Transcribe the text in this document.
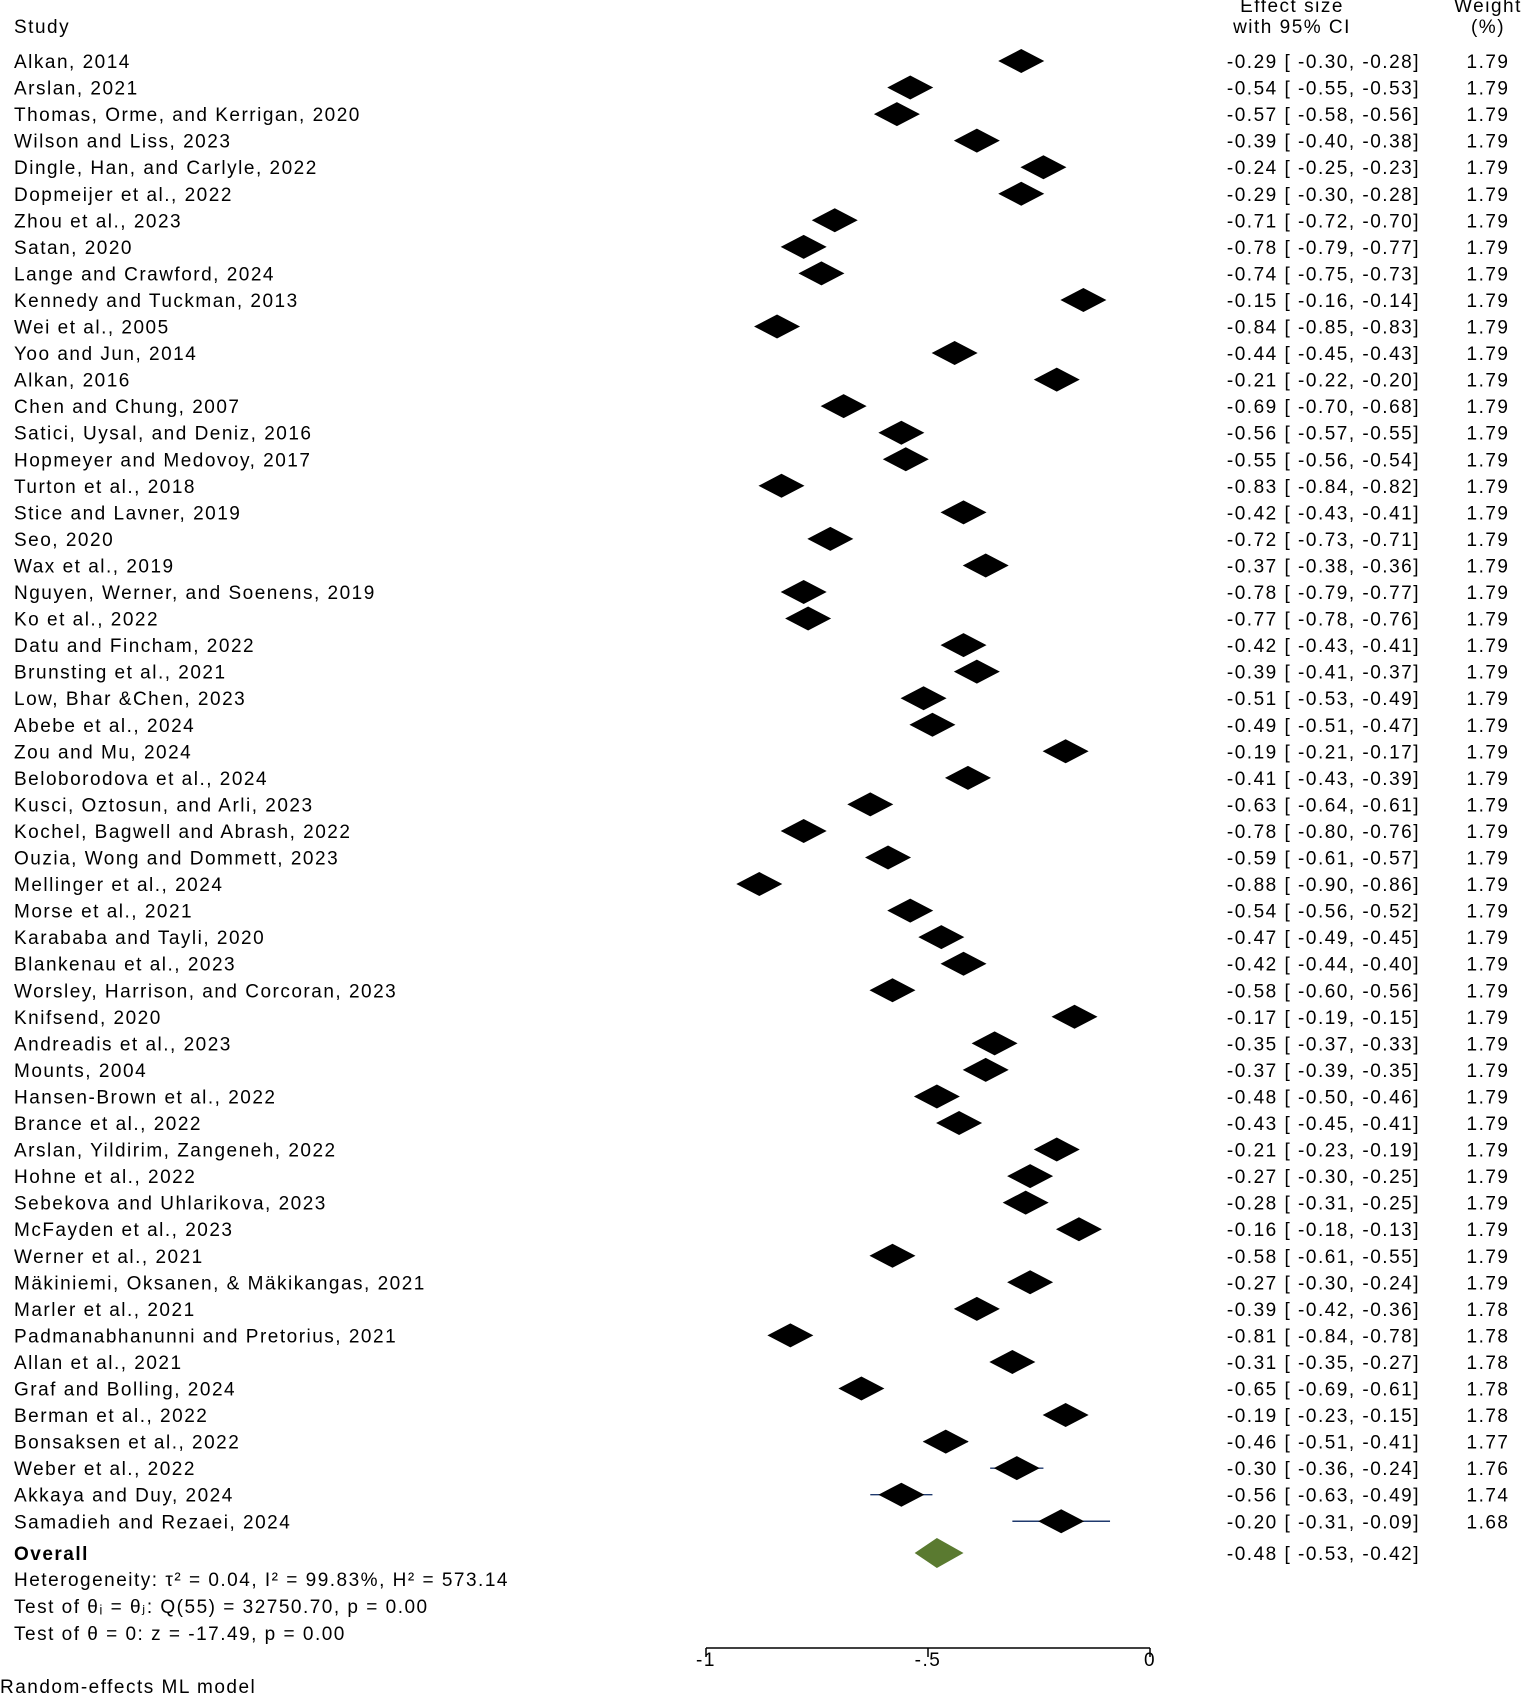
Study
Effect size
with 95% CI
Weight
(%)
Alkan, 2014	-0.29 [ -0.30, -0.28] 1.79
Arslan, 2021	-0.54 [ -0.55, -0.53] 1.79
Thomas, Orme, and Kerrigan, 2020	-0.57 [ -0.58, -0.56] 1.79
Wilson and Liss, 2023	-0.39 [ -0.40, -0.38] 1.79
Dingle, Han, and Carlyle, 2022	-0.24 [ -0.25, -0.23] 1.79
Dopmeijer et al., 2022	-0.29 [ -0.30, -0.28] 1.79
Zhou et al., 2023	-0.71 [ -0.72, -0.70] 1.79
Satan, 2020	-0.78 [ -0.79, -0.77] 1.79
Lange and Crawford, 2024	-0.74 [ -0.75, -0.73] 1.79
Kennedy and Tuckman, 2013	-0.15 [ -0.16, -0.14] 1.79
Wei et al., 2005	-0.84 [ -0.85, -0.83] 1.79
Yoo and Jun, 2014	-0.44 [ -0.45, -0.43] 1.79
Alkan, 2016	-0.21 [ -0.22, -0.20] 1.79
Chen and Chung, 2007	-0.69 [ -0.70, -0.68] 1.79
Satici, Uysal, and Deniz, 2016	-0.56 [ -0.57, -0.55] 1.79
Hopmeyer and Medovoy, 2017	-0.55 [ -0.56, -0.54] 1.79
Turton et al., 2018	-0.83 [ -0.84, -0.82] 1.79
Stice and Lavner, 2019	-0.42 [ -0.43, -0.41] 1.79
Seo, 2020	-0.72 [ -0.73, -0.71] 1.79
Wax et al., 2019	-0.37 [ -0.38, -0.36] 1.79
Nguyen, Werner, and Soenens, 2019	-0.78 [ -0.79, -0.77] 1.79
Ko et al., 2022	-0.77 [ -0.78, -0.76] 1.79
Datu and Fincham, 2022	-0.42 [ -0.43, -0.41] 1.79
Brunsting et al., 2021	-0.39 [ -0.41, -0.37] 1.79
Low, Bhar &Chen, 2023	-0.51 [ -0.53, -0.49] 1.79
Abebe et al., 2024	-0.49 [ -0.51, -0.47] 1.79
Zou and Mu, 2024	-0.19 [ -0.21, -0.17] 1.79
Beloborodova et al., 2024	-0.41 [ -0.43, -0.39] 1.79
Kusci, Oztosun, and Arli, 2023	-0.63 [ -0.64, -0.61] 1.79
Kochel, Bagwell and Abrash, 2022	-0.78 [ -0.80, -0.76] 1.79
Ouzia, Wong and Dommett, 2023	-0.59 [ -0.61, -0.57] 1.79
Mellinger et al., 2024	-0.88 [ -0.90, -0.86] 1.79
Morse et al., 2021	-0.54 [ -0.56, -0.52] 1.79
Karababa and Tayli, 2020	-0.47 [ -0.49, -0.45] 1.79
Blankenau et al., 2023	-0.42 [ -0.44, -0.40] 1.79
Worsley, Harrison, and Corcoran, 2023	-0.58 [ -0.60, -0.56] 1.79
Knifsend, 2020	-0.17 [ -0.19, -0.15] 1.79
Andreadis et al., 2023	-0.35 [ -0.37, -0.33] 1.79
Mounts, 2004	-0.37 [ -0.39, -0.35] 1.79
Hansen-Brown et al., 2022	-0.48 [ -0.50, -0.46] 1.79
Brance et al., 2022	-0.43 [ -0.45, -0.41] 1.79
Arslan, Yildirim, Zangeneh, 2022	-0.21 [ -0.23, -0.19] 1.79
Hohne et al., 2022	-0.27 [ -0.30, -0.25] 1.79
Sebekova and Uhlarikova, 2023	-0.28 [ -0.31, -0.25] 1.79
McFayden et al., 2023	-0.16 [ -0.18, -0.13] 1.79
Werner et al., 2021	-0.58 [ -0.61, -0.55] 1.79
Mäkiniemi, Oksanen, & Mäkikangas, 2021	-0.27 [ -0.30, -0.24] 1.79
Marler et al., 2021	-0.39 [ -0.42, -0.36] 1.78
Padmanabhanunni and Pretorius, 2021	-0.81 [ -0.84, -0.78] 1.78
Allan et al., 2021	-0.31 [ -0.35, -0.27] 1.78
Graf and Bolling, 2024	-0.65 [ -0.69, -0.61] 1.78
Berman et al., 2022	-0.19 [ -0.23, -0.15] 1.78
Bonsaksen et al., 2022	-0.46 [ -0.51, -0.41] 1.77
Weber et al., 2022	-0.30 [ -0.36, -0.24] 1.76
Akkaya and Duy, 2024	-0.56 [ -0.63, -0.49] 1.74
Samadieh and Rezaei, 2024	-0.20 [ -0.31, -0.09] 1.68
Overall	-0.48 [ -0.53, -0.42]
Heterogeneity: τ² = 0.04, I² = 99.83%, H² = 573.14
Test of θᵢ = θⱼ: Q(55) = 32750.70, p = 0.00
Test of θ = 0: z = -17.49, p = 0.00
-1	-.5	0
Random-effects ML model
